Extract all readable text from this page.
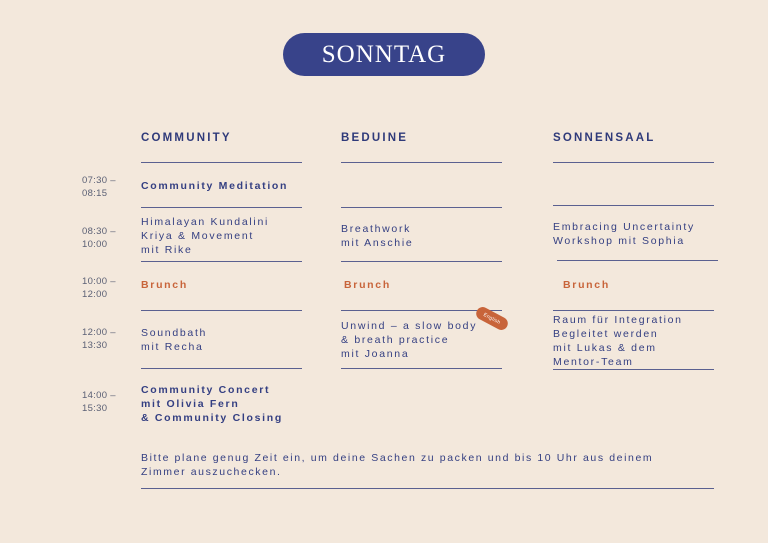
SONNTAG
COMMUNITY	BEDUINE	SONNENSAAL
07:30 –
08:15
08:30 –
10:00
10:00 –
12:00
12:00 –
13:30
14:00 –
15:30
Community Meditation
Himalayan Kundalini
Kriya & Movement
mit Rike
Brunch
Soundbath
mit Recha
Community Concert
mit Olivia Fern
& Community Closing
Breathwork
mit Anschie
Brunch
Unwind – a slow body
& breath practice
mit Joanna
English
Embracing Uncertainty
Workshop mit Sophia
Brunch
Raum für Integration
Begleitet werden
mit Lukas & dem
Mentor-Team
Bitte plane genug Zeit ein, um deine Sachen zu packen und bis 10 Uhr aus deinem
Zimmer auszuchecken.
